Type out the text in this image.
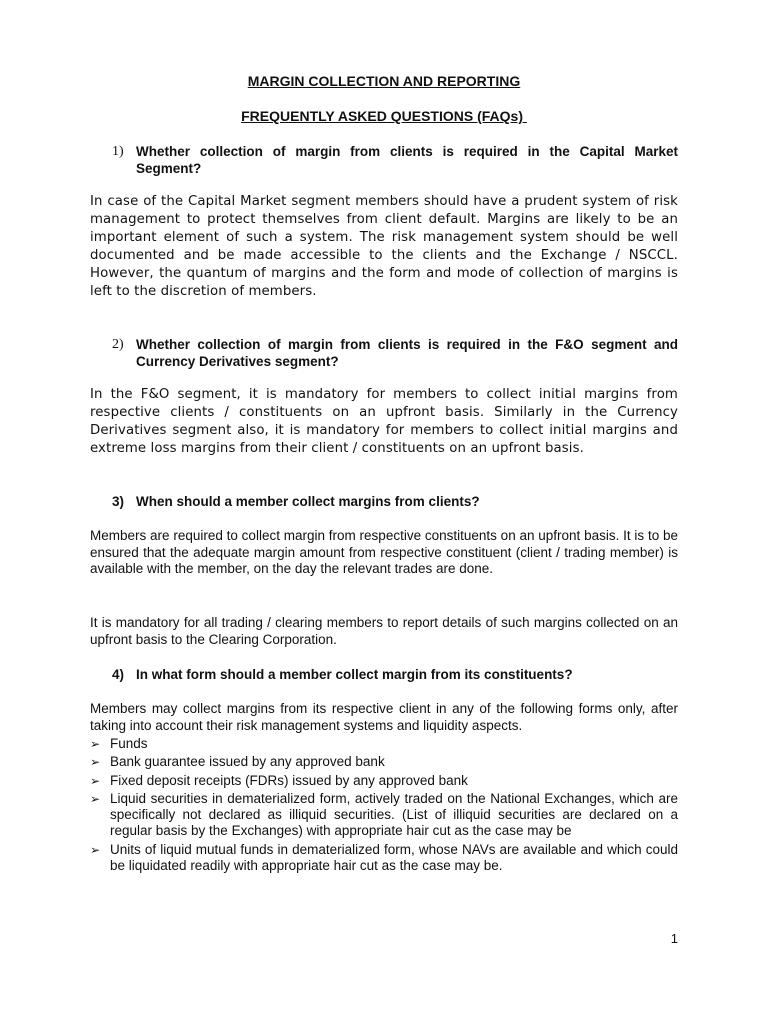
MARGIN COLLECTION AND REPORTING
FREQUENTLY ASKED QUESTIONS (FAQs)
1) Whether collection of margin from clients is required in the Capital Market Segment?
In case of the Capital Market segment members should have a prudent system of risk management to protect themselves from client default. Margins are likely to be an important element of such a system. The risk management system should be well documented and be made accessible to the clients and the Exchange / NSCCL. However, the quantum of margins and the form and mode of collection of margins is left to the discretion of members.
2) Whether collection of margin from clients is required in the F&O segment and Currency Derivatives segment?
In the F&O segment, it is mandatory for members to collect initial margins from respective clients / constituents on an upfront basis. Similarly in the Currency Derivatives segment also, it is mandatory for members to collect initial margins and extreme loss margins from their client / constituents on an upfront basis.
3) When should a member collect margins from clients?
Members are required to collect margin from respective constituents on an upfront basis. It is to be ensured that the adequate margin amount from respective constituent (client / trading member) is available with the member, on the day the relevant trades are done.
It is mandatory for all trading / clearing members to report details of such margins collected on an upfront basis to the Clearing Corporation.
4) In what form should a member collect margin from its constituents?
Members may collect margins from its respective client in any of the following forms only, after taking into account their risk management systems and liquidity aspects.
➢ Funds
➢ Bank guarantee issued by any approved bank
➢ Fixed deposit receipts (FDRs) issued by any approved bank
➢ Liquid securities in dematerialized form, actively traded on the National Exchanges, which are specifically not declared as illiquid securities. (List of illiquid securities are declared on a regular basis by the Exchanges) with appropriate hair cut as the case may be
➢ Units of liquid mutual funds in dematerialized form, whose NAVs are available and which could be liquidated readily with appropriate hair cut as the case may be.
1
